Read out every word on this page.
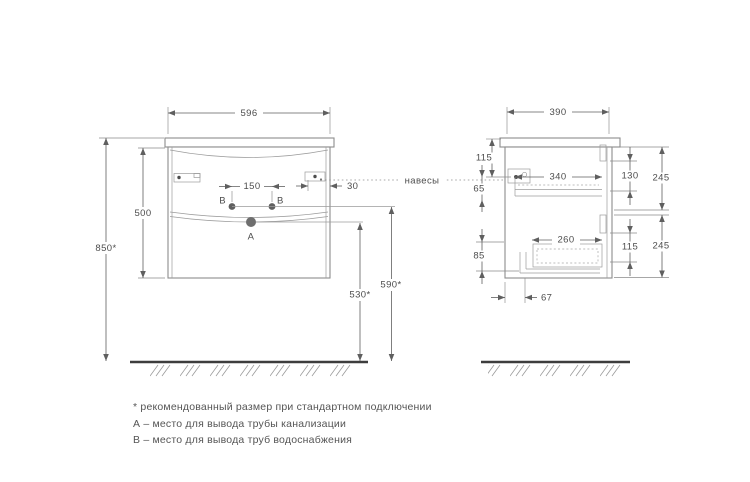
B	B
A
596
500
850*
150	30
530*
590*
навесы
390
340
260
115
65
85
130 245
115 245
67
* рекомендованный размер при стандартном подключении
А – место для вывода трубы канализации
В – место для вывода труб водоснабжения
